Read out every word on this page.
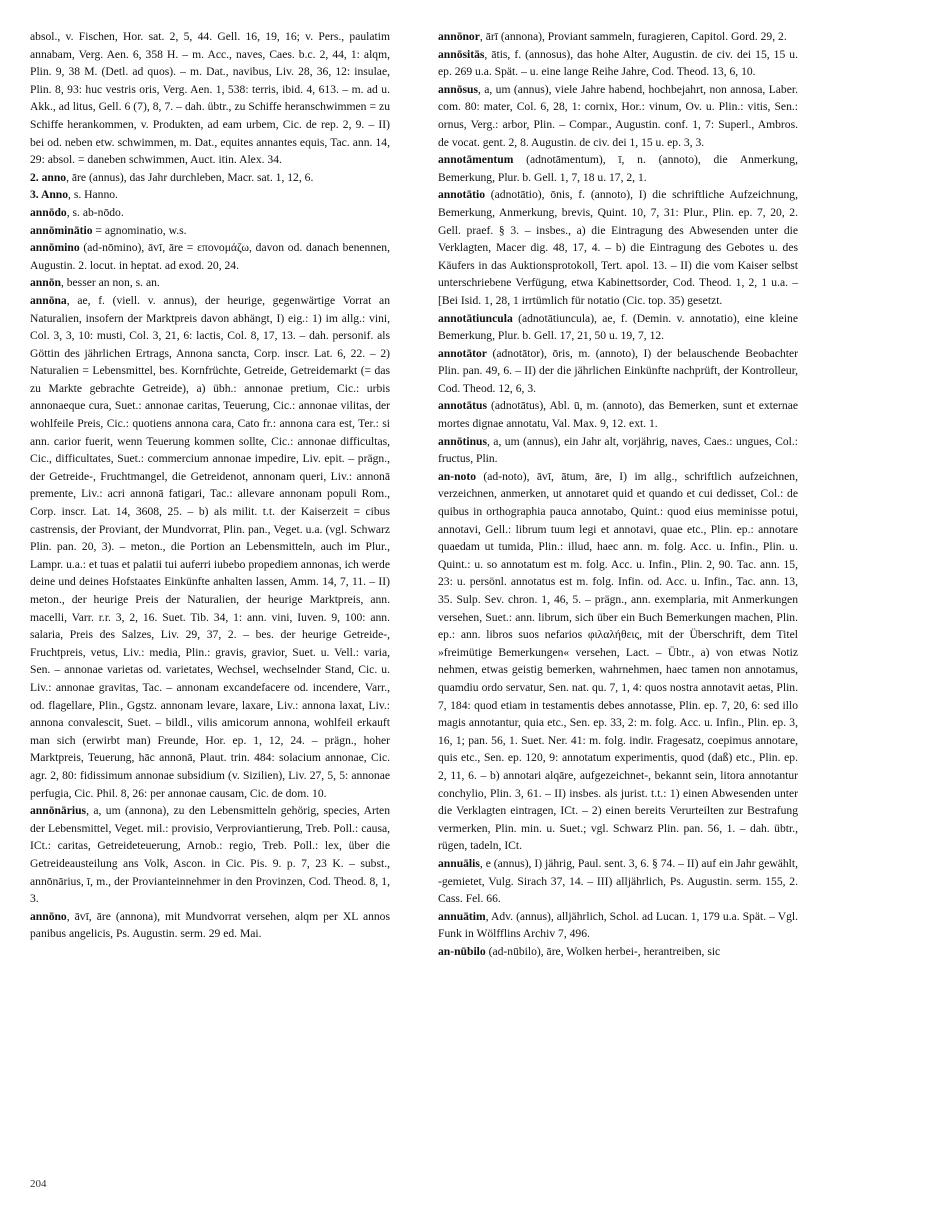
absol., v. Fischen, Hor. sat. 2, 5, 44. Gell. 16, 19, 16; v. Pers., paulatim annabam, Verg. Aen. 6, 358 H. – m. Acc., naves, Caes. b.c. 2, 44, 1: alqm, Plin. 9, 38 M. (Detl. ad quos). – m. Dat., navibus, Liv. 28, 36, 12: insulae, Plin. 8, 93: huc vestris oris, Verg. Aen. 1, 538: terris, ibid. 4, 613. – m. ad u. Akk., ad litus, Gell. 6 (7), 8, 7. – dah. übtr., zu Schiffe heranschwimmen = zu Schiffe herankommen, v. Produkten, ad eam urbem, Cic. de rep. 2, 9. – II) bei od. neben etw. schwimmen, m. Dat., equites annantes equis, Tac. ann. 14, 29: absol. = daneben schwimmen, Auct. itin. Alex. 34.

2. anno, āre (annus), das Jahr durchleben, Macr. sat. 1, 12, 6.

3. Anno, s. Hanno.

annōdo, s. ab-nōdo.

annōminātio = agnominatio, w.s.

annōmino (ad-nōmino), āvī, āre = επονομάζω, davon od. danach benennen, Augustin. 2. locut. in heptat. ad exod. 20, 24.

annōn, besser an non, s. an.

annōna, ae, f. (viell. v. annus), der heurige, gegenwärtige Vorrat an Naturalien, insofern der Marktpreis davon abhängt, I) eig.: 1) im allg.: vini, Col. 3, 3, 10: musti, Col. 3, 21, 6: lactis, Col. 8, 17, 13. – dah. personif. als Göttin des jährlichen Ertrags, Annona sancta, Corp. inscr. Lat. 6, 22. – 2) Naturalien = Lebensmittel, bes. Kornfrüchte, Getreide, Getreidemarkt (= das zu Markte gebrachte Getreide), a) übh.: annonae pretium, Cic.: urbis annonaeque cura, Suet.: annonae caritas, Teuerung, Cic.: annonae vilitas, der wohlfeile Preis, Cic.: quotiens annona cara, Cato fr.: annona cara est, Ter.: si ann. carior fuerit, wenn Teuerung kommen sollte, Cic.: annonae difficultas, Cic., difficultates, Suet.: commercium annonae impedire, Liv. epit. – prägn., der Getreide-, Fruchtmangel, die Getreidenot, annonam queri, Liv.: annonā premente, Liv.: acri annonā fatigari, Tac.: allevare annonam populi Rom., Corp. inscr. Lat. 14, 3608, 25. – b) als milit. t.t. der Kaiserzeit = cibus castrensis, der Proviant, der Mundvorrat, Plin. pan., Veget. u.a. (vgl. Schwarz Plin. pan. 20, 3). – meton., die Portion an Lebensmitteln, auch im Plur., Lampr. u.a.: et tuas et palatii tui auferri iubebo propediem annonas, ich werde deine und deines Hofstaates Einkünfte anhalten lassen, Amm. 14, 7, 11. – II) meton., der heurige Preis der Naturalien, der heurige Marktpreis, ann. macelli, Varr. r.r. 3, 2, 16. Suet. Tib. 34, 1: ann. vini, Iuven. 9, 100: ann. salaria, Preis des Salzes, Liv. 29, 37, 2. – bes. der heurige Getreide-, Fruchtpreis, vetus, Liv.: media, Plin.: gravis, gravior, Suet. u. Vell.: varia, Sen. – annonae varietas od. varietates, Wechsel, wechselnder Stand, Cic. u. Liv.: annonae gravitas, Tac. – annonam excandefacere od. incendere, Varr., od. flagellare, Plin., Ggstz. annonam levare, laxare, Liv.: annona laxat, Liv.: annona convalescit, Suet. – bildl., vilis amicorum annona, wohlfeil erkauft man sich (erwirbt man) Freunde, Hor. ep. 1, 12, 24. – prägn., hoher Marktpreis, Teuerung, hāc annonā, Plaut. trin. 484: solacium annonae, Cic. agr. 2, 80: fidissimum annonae subsidium (v. Sizilien), Liv. 27, 5, 5: annonae perfugia, Cic. Phil. 8, 26: per annonae causam, Cic. de dom. 10.

annōnārius, a, um (annona), zu den Lebensmitteln gehörig, species, Arten der Lebensmittel, Veget. mil.: provisio, Verproviantierung, Treb. Poll.: causa, ICt.: caritas, Getreideteuerung, Arnob.: regio, Treb. Poll.: lex, über die Getreideausteilung ans Volk, Ascon. in Cic. Pis. 9. p. 7, 23 K. – subst., annōnārius, ī, m., der Provianteinnehmer in den Provinzen, Cod. Theod. 8, 1, 3.

annōno, āvī, āre (annona), mit Mundvorrat versehen, alqm per XL annos panibus angelicis, Ps. Augustin. serm. 29 ed. Mai.

annōnor, ārī (annona), Proviant sammeln, furagieren, Capitol. Gord. 29, 2.

annōsitās, ātis, f. (annosus), das hohe Alter, Augustin. de civ. dei 15, 15 u. ep. 269 u.a. Spät. – u. eine lange Reihe Jahre, Cod. Theod. 13, 6, 10.

annōsus, a, um (annus), viele Jahre habend, hochbejahrt, non annosa, Laber. com. 80: mater, Col. 6, 28, 1: cornix, Hor.: vinum, Ov. u. Plin.: vitis, Sen.: ornus, Verg.: arbor, Plin. – Compar., Augustin. conf. 1, 7: Superl., Ambros. de vocat. gent. 2, 8. Augustin. de civ. dei 1, 15 u. ep. 3, 3.

annotāmentum (adnotāmentum), ī, n. (annoto), die Anmerkung, Bemerkung, Plur. b. Gell. 1, 7, 18 u. 17, 2, 1.

annotātio (adnotātio), ōnis, f. (annoto), I) die schriftliche Aufzeichnung, Bemerkung, Anmerkung, brevis, Quint. 10, 7, 31: Plur., Plin. ep. 7, 20, 2. Gell. praef. § 3. – insbes., a) die Eintragung des Abwesenden unter die Verklagten, Macer dig. 48, 17, 4. – b) die Eintragung des Gebotes u. des Käufers in das Auktionsprotokoll, Tert. apol. 13. – II) die vom Kaiser selbst unterschriebene Verfügung, etwa Kabinettsorder, Cod. Theod. 1, 2, 1 u.a. – [Bei Isid. 1, 28, 1 irrtümlich für notatio (Cic. top. 35) gesetzt.

annotātiuncula (adnotātiuncula), ae, f. (Demin. v. annotatio), eine kleine Bemerkung, Plur. b. Gell. 17, 21, 50 u. 19, 7, 12.

annotātor (adnotātor), ōris, m. (annoto), I) der belauschende Beobachter Plin. pan. 49, 6. – II) der die jährlichen Einkünfte nachprüft, der Kontrolleur, Cod. Theod. 12, 6, 3.

annotātus (adnotātus), Abl. ū, m. (annoto), das Bemerken, sunt et externae mortes dignae annotatu, Val. Max. 9, 12. ext. 1.

annōtinus, a, um (annus), ein Jahr alt, vorjährig, naves, Caes.: ungues, Col.: fructus, Plin.

an-noto (ad-noto), āvī, ātum, āre, I) im allg., schriftlich aufzeichnen, verzeichnen, anmerken, ut annotaret quid et quando et cui dedisset, Col.: de quibus in orthographia pauca annotabo, Quint.: quod eius meminisse potui, annotavi, Gell.: librum tuum legi et annotavi, quae etc., Plin. ep.: annotare quaedam ut tumida, Plin.: illud, haec ann. m. folg. Acc. u. Infin., Plin. u. Quint.: u. so annotatum est m. folg. Acc. u. Infin., Plin. 2, 90. Tac. ann. 15, 23: u. persönl. annotatus est m. folg. Infin. od. Acc. u. Infin., Tac. ann. 13, 35. Sulp. Sev. chron. 1, 46, 5. – prägn., ann. exemplaria, mit Anmerkungen versehen, Suet.: ann. librum, sich über ein Buch Bemerkungen machen, Plin. ep.: ann. libros suos nefarios φιλαλήθεις, mit der Überschrift, dem Titel »freimütige Bemerkungen« versehen, Lact. – Übtr., a) von etwas Notiz nehmen, etwas geistig bemerken, wahrnehmen, haec tamen non annotamus, quamdiu ordo servatur, Sen. nat. qu. 7, 1, 4: quos nostra annotavit aetas, Plin. 7, 184: quod etiam in testamentis debes annotasse, Plin. ep. 7, 20, 6: sed illo magis annotantur, quia etc., Sen. ep. 33, 2: m. folg. Acc. u. Infin., Plin. ep. 3, 16, 1; pan. 56, 1. Suet. Ner. 41: m. folg. indir. Fragesatz, coepimus annotare, quis etc., Sen. ep. 120, 9: annotatum experimentis, quod (daß) etc., Plin. ep. 2, 11, 6. – b) annotari alqāre, aufgezeichnet-, bekannt sein, litora annotantur conchylio, Plin. 3, 61. – II) insbes. als jurist. t.t.: 1) einen Abwesenden unter die Verklagten eintragen, ICt. – 2) einen bereits Verurteilten zur Bestrafung vermerken, Plin. min. u. Suet.; vgl. Schwarz Plin. pan. 56, 1. – dah. übtr., rügen, tadeln, ICt.

annuālis, e (annus), I) jährig, Paul. sent. 3, 6. § 74. – II) auf ein Jahr gewählt, -gemietet, Vulg. Sirach 37, 14. – III) alljährlich, Ps. Augustin. serm. 155, 2. Cass. Fel. 66.

annuātim, Adv. (annus), alljährlich, Schol. ad Lucan. 1, 179 u.a. Spät. – Vgl. Funk in Wölfflins Archiv 7, 496.

an-nūbilo (ad-nūbilo), āre, Wolken herbei-, herantreiben, sic

204
